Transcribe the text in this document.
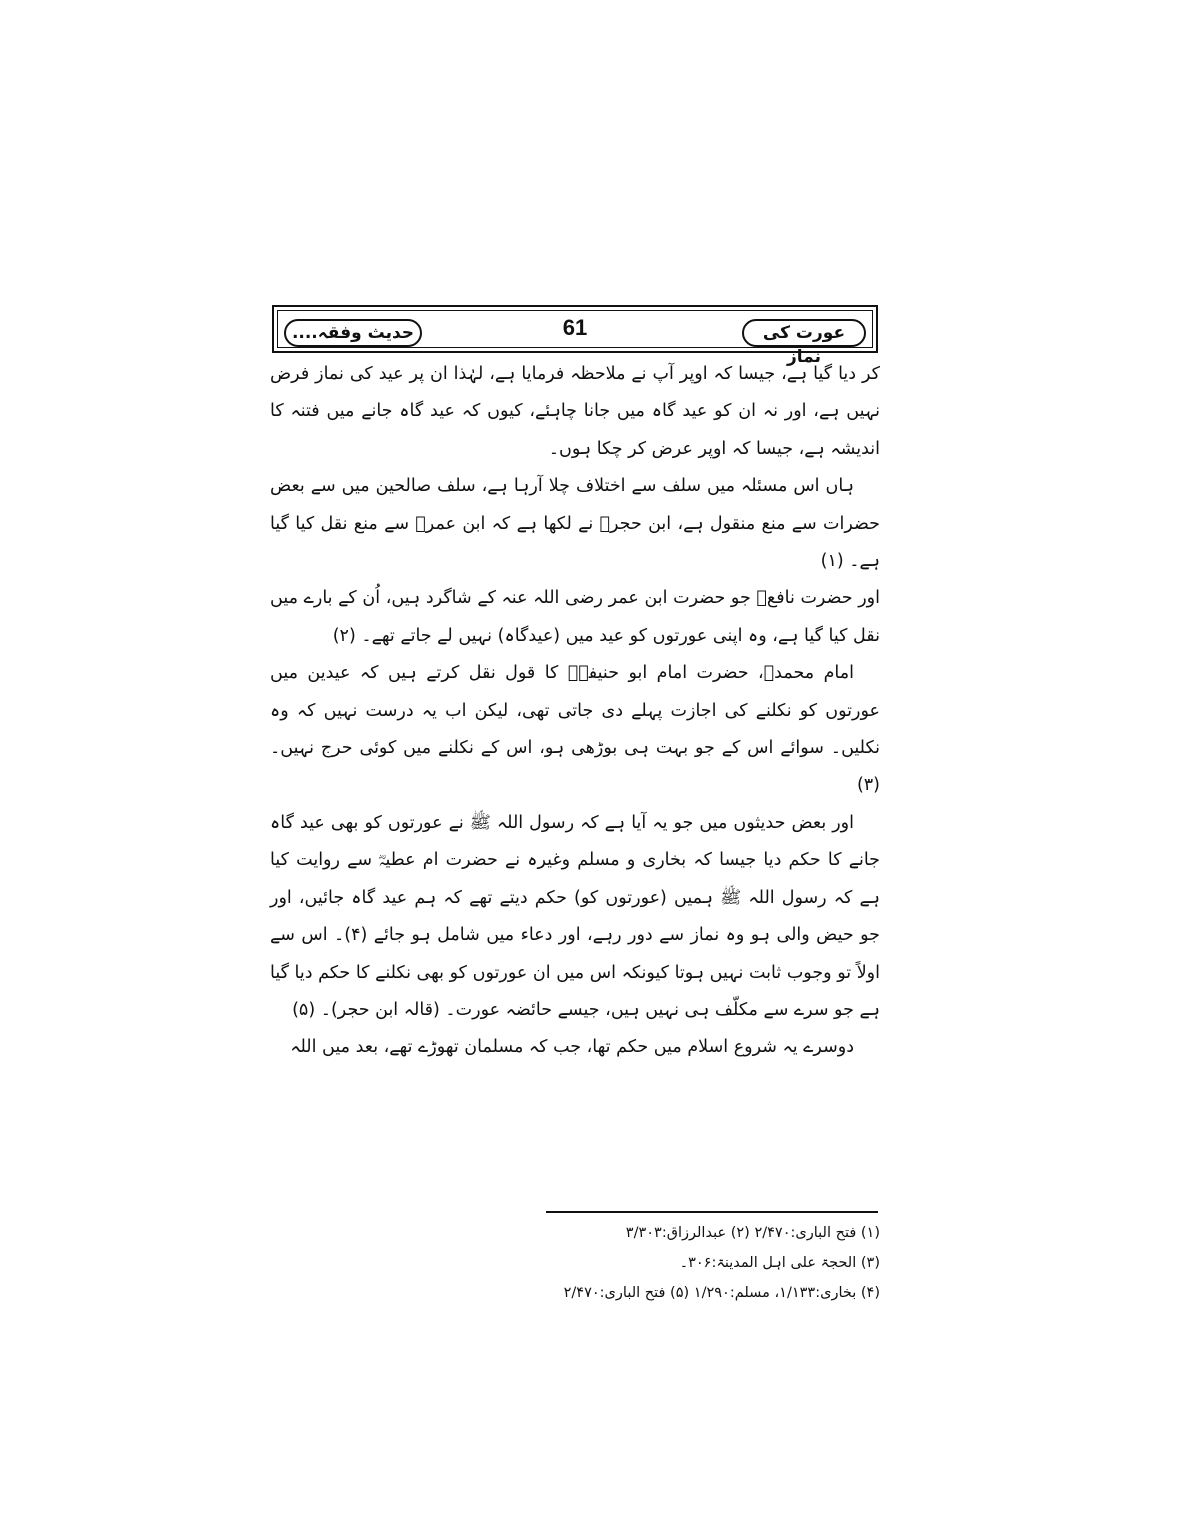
عورت کی نماز
61
حدیث وفقہ....

کر دیا گیا ہے، جیسا کہ اوپر آپ نے ملاحظہ فرمایا ہے، لہٰذا ان پر عید کی نماز فرض نہیں ہے، اور نہ ان کو عید گاہ میں جانا چاہئے، کیوں کہ عید گاہ جانے میں فتنہ کا اندیشہ ہے، جیسا کہ اوپر عرض کر چکا ہوں۔

ہاں اس مسئلہ میں سلف سے اختلاف چلا آرہا ہے، سلف صالحین میں سے بعض حضرات سے منع منقول ہے، ابن حجرؒ نے لکھا ہے کہ ابن عمرؓ سے منع نقل کیا گیا ہے۔ (۱)

اور حضرت نافعؒ جو حضرت ابن عمر رضی اللہ عنہ کے شاگرد ہیں، اُن کے بارے میں نقل کیا گیا ہے، وہ اپنی عورتوں کو عید میں (عیدگاہ) نہیں لے جاتے تھے۔ (۲)

امام محمدؒ، حضرت امام ابو حنیفہؒ کا قول نقل کرتے ہیں کہ عیدین میں عورتوں کو نکلنے کی اجازت پہلے دی جاتی تھی، لیکن اب یہ درست نہیں کہ وہ نکلیں۔ سوائے اس کے جو بہت ہی بوڑھی ہو، اس کے نکلنے میں کوئی حرج نہیں۔ (۳)

اور بعض حدیثوں میں جو یہ آیا ہے کہ رسول اللہ ﷺ نے عورتوں کو بھی عید گاہ جانے کا حکم دیا جیسا کہ بخاری و مسلم وغیرہ نے حضرت ام عطیہؓ سے روایت کیا ہے کہ رسول اللہ ﷺ ہمیں (عورتوں کو) حکم دیتے تھے کہ ہم عید گاہ جائیں، اور جو حیض والی ہو وہ نماز سے دور رہے، اور دعاء میں شامل ہو جائے (۴)۔ اس سے اولاً تو وجوب ثابت نہیں ہوتا کیونکہ اس میں ان عورتوں کو بھی نکلنے کا حکم دیا گیا ہے جو سرے سے مکلّف ہی نہیں ہیں، جیسے حائضہ عورت۔ (قالہ ابن حجر)۔ (۵)

دوسرے یہ شروع اسلام میں حکم تھا، جب کہ مسلمان تھوڑے تھے، بعد میں اللہ

(۱) فتح الباری:۲/۴۷۰ (۲) عبدالرزاق:۳/۳۰۳
(۳) الحجۃ علی اہل المدینۃ:۳۰۶۔
(۴) بخاری:۱/۱۳۳، مسلم:۱/۲۹۰ (۵) فتح الباری:۲/۴۷۰
